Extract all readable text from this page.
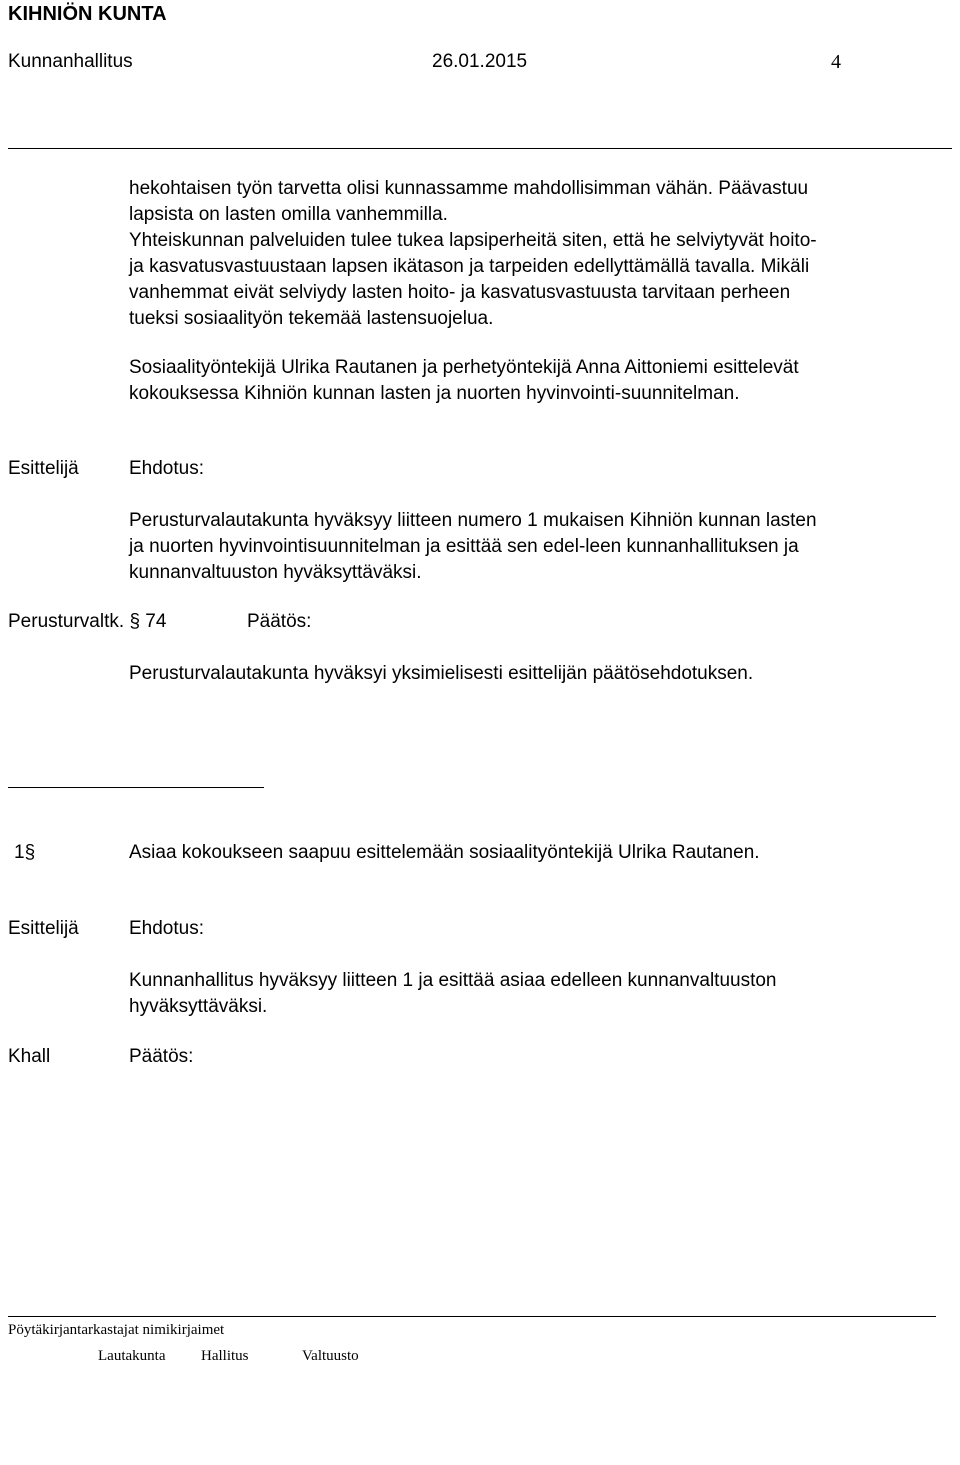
KIHNIÖN KUNTA
Kunnanhallitus	26.01.2015	4

hekohtaisen työn tarvetta olisi kunnassamme mahdollisimman vähän. Päävastuu

lapsista on lasten omilla vanhemmilla.

Yhteiskunnan palveluiden tulee tukea lapsiperheitä siten, että he selviytyvät hoito-

ja kasvatusvastuustaan lapsen ikätason ja tarpeiden edellyttämällä tavalla. Mikäli

vanhemmat eivät selviydy lasten hoito- ja kasvatusvastuusta tarvitaan perheen

tueksi sosiaalityön tekemää lastensuojelua.

Sosiaalityöntekijä Ulrika Rautanen ja perhetyöntekijä Anna Aittoniemi esittelevät

kokouksessa Kihniön kunnan lasten ja nuorten hyvinvointi-suunnitelman.

Esittelijä	Ehdotus:

Perusturvalautakunta hyväksyy liitteen numero 1 mukaisen Kihniön kunnan lasten

ja nuorten hyvinvointisuunnitelman ja esittää sen edel-leen kunnanhallituksen ja

kunnanvaltuuston hyväksyttäväksi.

Perusturvaltk. § 74	Päätös:
Perusturvalautakunta hyväksyi yksimielisesti esittelijän päätösehdotuksen.
1§	Asiaa kokoukseen saapuu esittelemään sosiaalityöntekijä Ulrika Rautanen.
Esittelijä	Ehdotus:

Kunnanhallitus hyväksyy liitteen 1 ja esittää asiaa edelleen kunnanvaltuuston

hyväksyttäväksi.

Khall	Päätös:
Pöytäkirjantarkastajat nimikirjaimet
Lautakunta Hallitus	Valtuusto
